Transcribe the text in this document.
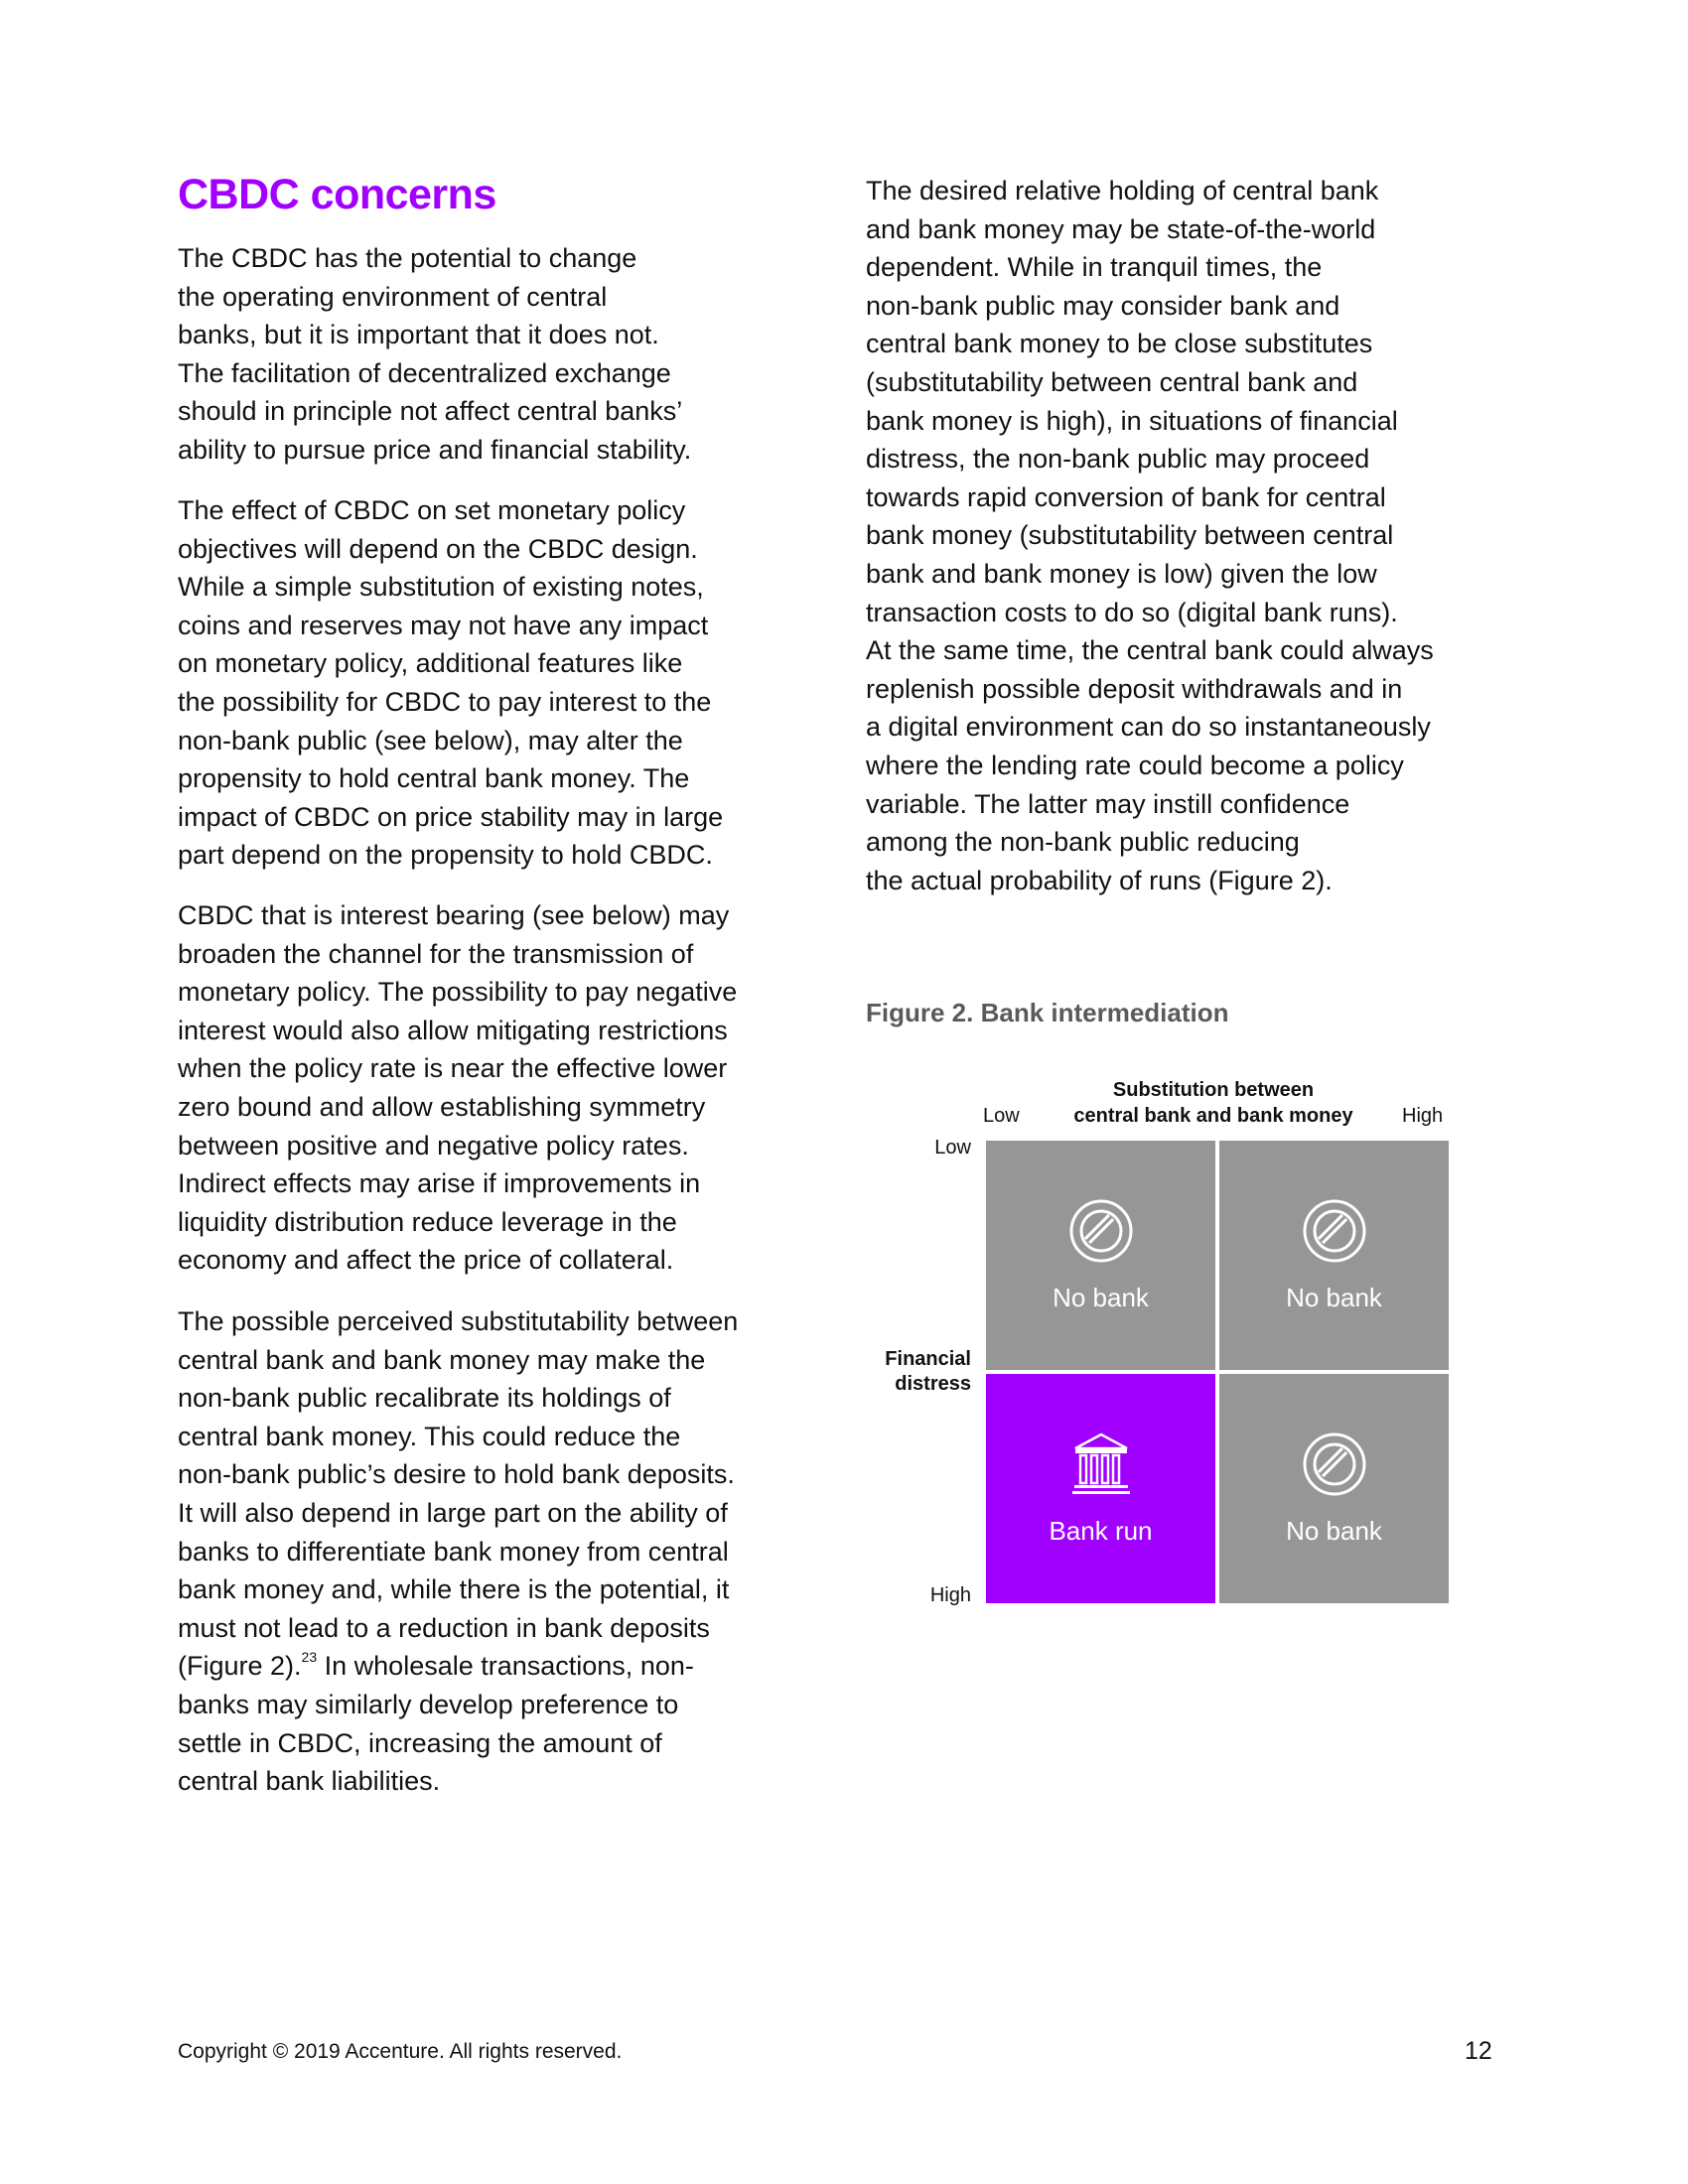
CBDC concerns
The CBDC has the potential to change
the operating environment of central
banks, but it is important that it does not.
The facilitation of decentralized exchange
should in principle not affect central banks’
ability to pursue price and financial stability.
The effect of CBDC on set monetary policy
objectives will depend on the CBDC design.
While a simple substitution of existing notes,
coins and reserves may not have any impact
on monetary policy, additional features like
the possibility for CBDC to pay interest to the
non-bank public (see below), may alter the
propensity to hold central bank money. The
impact of CBDC on price stability may in large
part depend on the propensity to hold CBDC.
CBDC that is interest bearing (see below) may
broaden the channel for the transmission of
monetary policy. The possibility to pay negative
interest would also allow mitigating restrictions
when the policy rate is near the effective lower
zero bound and allow establishing symmetry
between positive and negative policy rates.
Indirect effects may arise if improvements in
liquidity distribution reduce leverage in the
economy and affect the price of collateral.
The possible perceived substitutability between
central bank and bank money may make the
non-bank public recalibrate its holdings of
central bank money. This could reduce the
non-bank public’s desire to hold bank deposits.
It will also depend in large part on the ability of
banks to differentiate bank money from central
bank money and, while there is the potential, it
must not lead to a reduction in bank deposits
(Figure 2).$^{23}$ In wholesale transactions, non-
banks may similarly develop preference to
settle in CBDC, increasing the amount of
central bank liabilities.
The desired relative holding of central bank
and bank money may be state-of-the-world
dependent. While in tranquil times, the
non-bank public may consider bank and
central bank money to be close substitutes
(substitutability between central bank and
bank money is high), in situations of financial
distress, the non-bank public may proceed
towards rapid conversion of bank for central
bank money (substitutability between central
bank and bank money is low) given the low
transaction costs to do so (digital bank runs).
At the same time, the central bank could always
replenish possible deposit withdrawals and in
a digital environment can do so instantaneously
where the lending rate could become a policy
variable. The latter may instill confidence
among the non-bank public reducing
the actual probability of runs (Figure 2).
Figure 2. Bank intermediation
Low
Substitution between
central bank and bank money	High
Low
Financial
distress
High
No bank	No bank
Bank run	No bank
Copyright © 2019 Accenture. All rights reserved.	12
